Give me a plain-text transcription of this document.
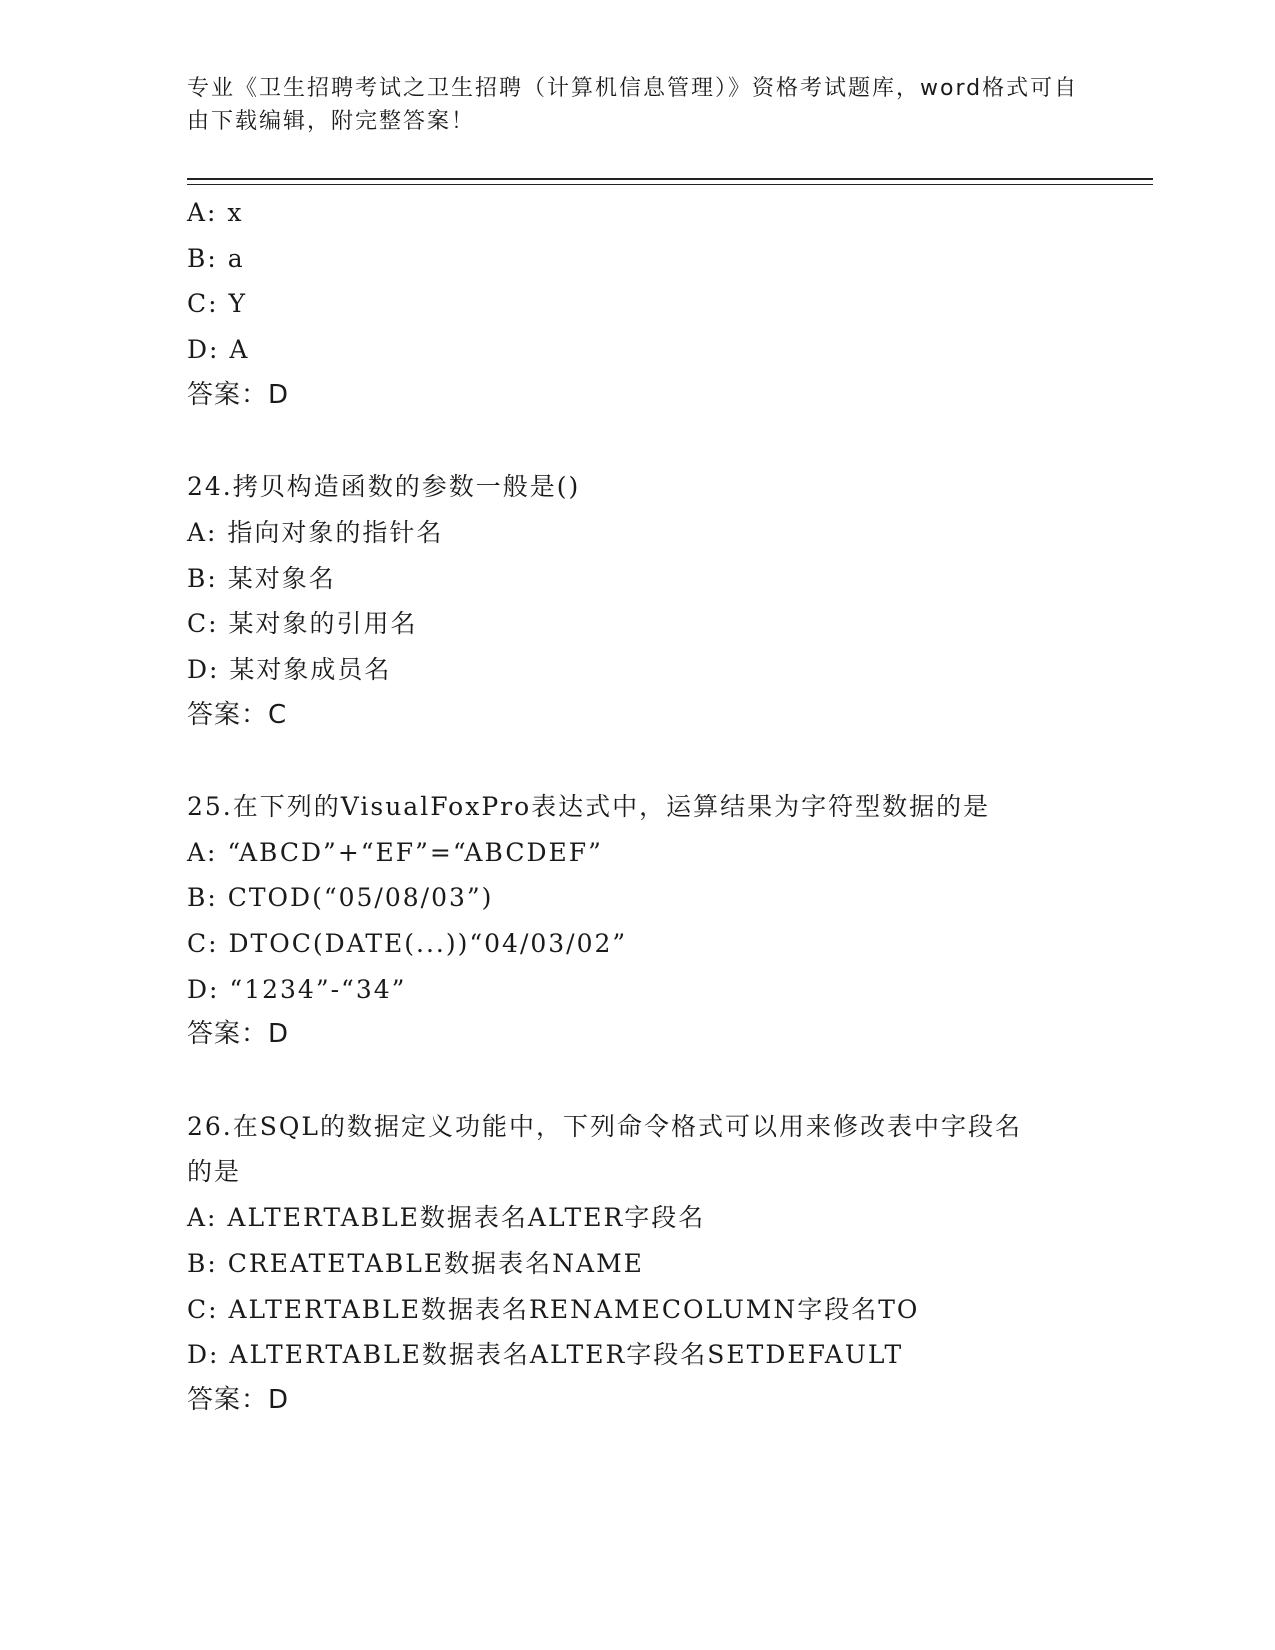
专业《卫生招聘考试之卫生招聘（计算机信息管理）》资格考试题库，word格式可自由下载编辑，附完整答案！
A: x
B: a
C: Y
D: A
答案：D
24.拷贝构造函数的参数一般是()
A: 指向对象的指针名
B: 某对象名
C: 某对象的引用名
D: 某对象成员名
答案：C
25.在下列的VisualFoxPro表达式中，运算结果为字符型数据的是
A: “ABCD”+“EF”=“ABCDEF”
B: CTOD(“05/08/03”)
C: DTOC(DATE(...))“04/03/02”
D: “1234”-“34”
答案：D
26.在SQL的数据定义功能中，下列命令格式可以用来修改表中字段名
的是
A: ALTERTABLE数据表名ALTER字段名
B: CREATETABLE数据表名NAME
C: ALTERTABLE数据表名RENAMECOLUMN字段名TO
D: ALTERTABLE数据表名ALTER字段名SETDEFAULT
答案：D
